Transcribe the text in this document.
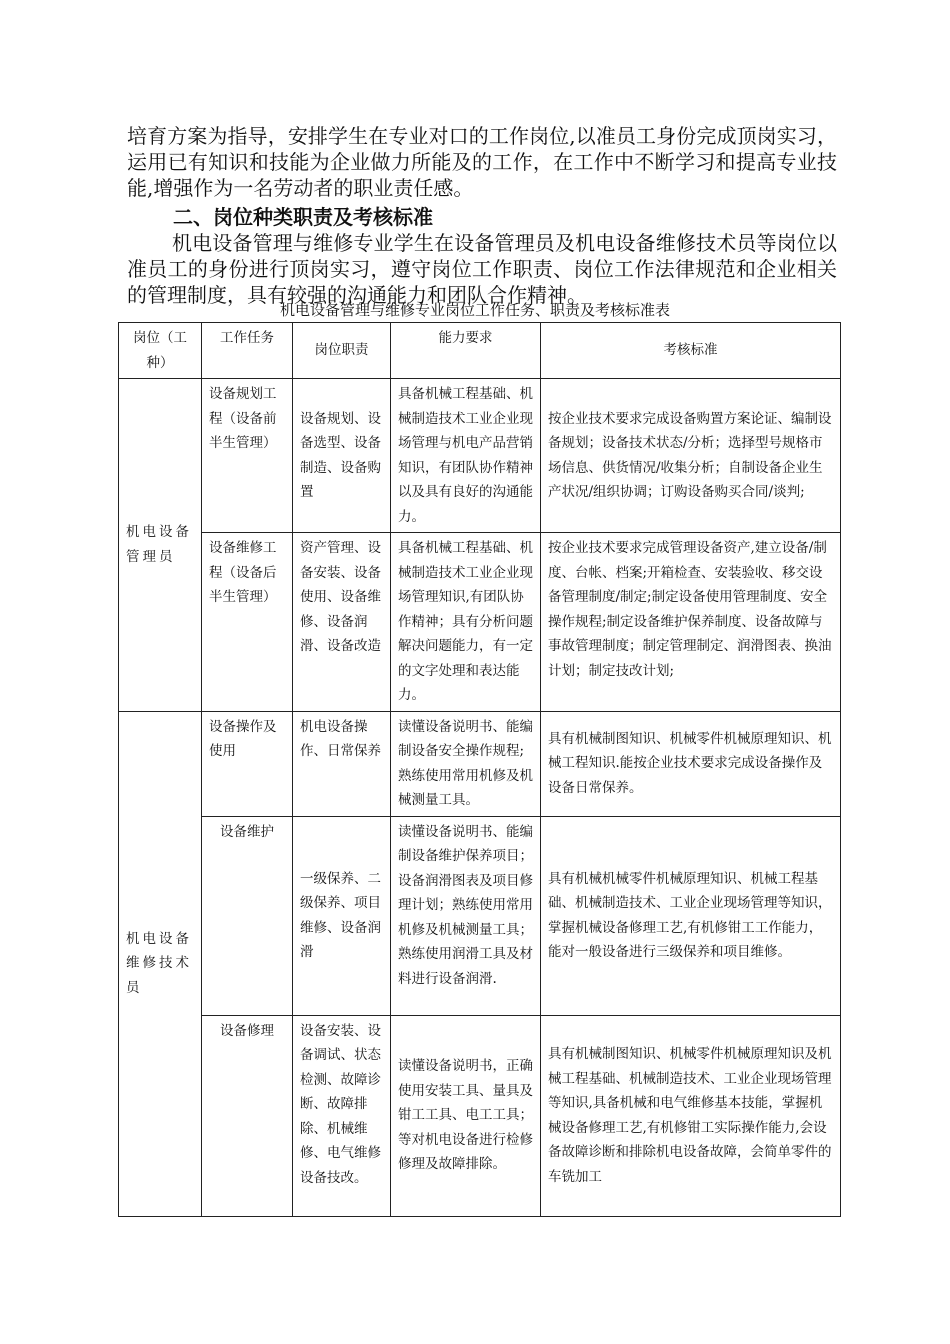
培育方案为指导，安排学生在专业对口的工作岗位,以准员工身份完成顶岗实习，运用已有知识和技能为企业做力所能及的工作，在工作中不断学习和提高专业技能,增强作为一名劳动者的职业责任感。

二、岗位种类职责及考核标准

机电设备管理与维修专业学生在设备管理员及机电设备维修技术员等岗位以准员工的身份进行顶岗实习，遵守岗位工作职责、岗位工作法律规范和企业相关的管理制度，具有较强的沟通能力和团队合作精神。

机电设备管理与维修专业岗位工作任务、职责及考核标准表

岗位（工种）	工作任务	岗位职责	能力要求	考核标准
机电设备管理员	设备规划工程（设备前半生管理）	设备规划、设备选型、设备制造、设备购置	具备机械工程基础、机械制造技术工业企业现场管理与机电产品营销知识，有团队协作精神以及具有良好的沟通能力。	按企业技术要求完成设备购置方案论证、编制设备规划；设备技术状态/分析；选择型号规格市场信息、供货情况/收集分析；自制设备企业生产状况/组织协调；订购设备购买合同/谈判;
	设备维修工程（设备后半生管理）	资产管理、设备安装、设备使用、设备维修、设备润滑、设备改造	具备机械工程基础、机械制造技术工业企业现场管理知识,有团队协作精神；具有分析问题解决问题能力，有一定的文字处理和表达能力。	按企业技术要求完成管理设备资产,建立设备/制度、台帐、档案;开箱检查、安装验收、移交设备管理制度/制定;制定设备使用管理制度、安全操作规程;制定设备维护保养制度、设备故障与事故管理制度；制定管理制定、润滑图表、换油计划；制定技改计划;
机电设备维修技术员	设备操作及使用	机电设备操作、日常保养	读懂设备说明书、能编制设备安全操作规程;熟练使用常用机修及机械测量工具。	具有机械制图知识、机械零件机械原理知识、机械工程知识.能按企业技术要求完成设备操作及设备日常保养。
	设备维护	一级保养、二级保养、项目维修、设备润滑	读懂设备说明书、能编制设备维护保养项目；设备润滑图表及项目修理计划；熟练使用常用机修及机械测量工具；熟练使用润滑工具及材料进行设备润滑.	具有机械机械零件机械原理知识、机械工程基础、机械制造技术、工业企业现场管理等知识，掌握机械设备修理工艺,有机修钳工工作能力，能对一般设备进行三级保养和项目维修。
	设备修理	设备安装、设备调试、状态检测、故障诊断、故障排除、机械维修、电气维修设备技改。	读懂设备说明书，正确使用安装工具、量具及钳工工具、电工工具；等对机电设备进行检修修理及故障排除。	具有机械制图知识、机械零件机械原理知识及机械工程基础、机械制造技术、工业企业现场管理等知识,具备机械和电气维修基本技能，掌握机械设备修理工艺,有机修钳工实际操作能力,会设备故障诊断和排除机电设备故障，会简单零件的车铣加工
